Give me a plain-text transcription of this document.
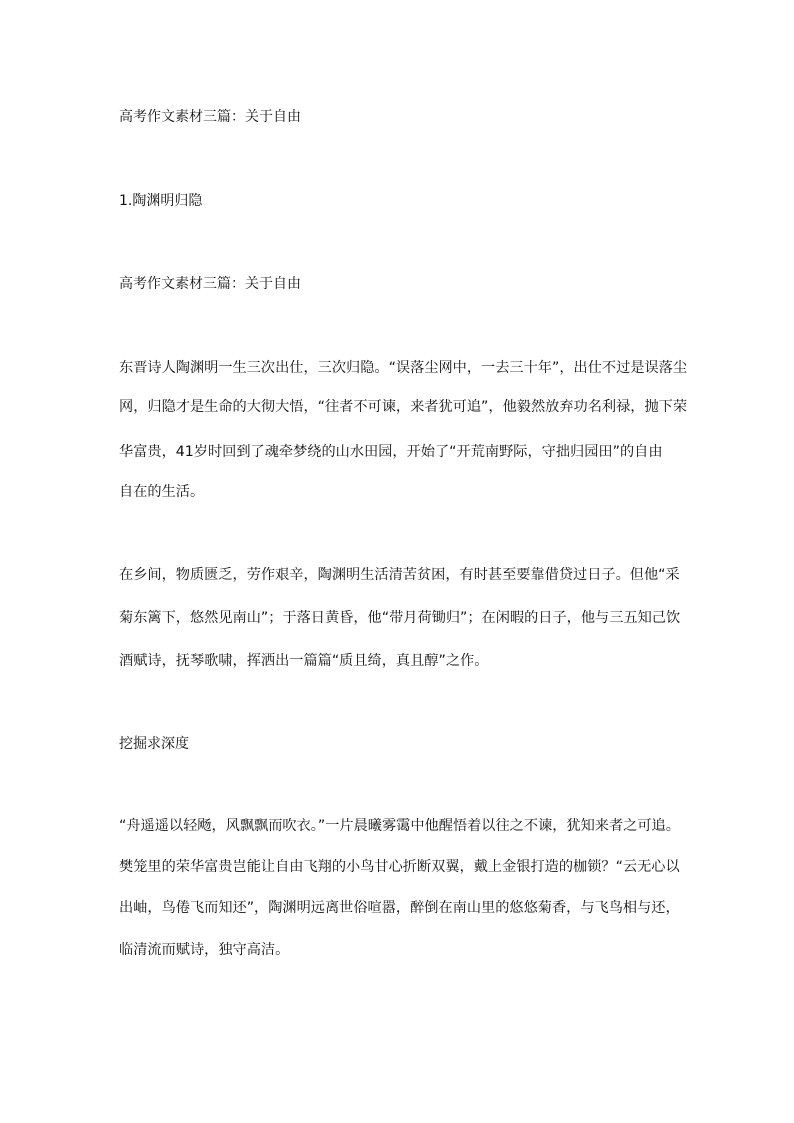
高考作文素材三篇：关于自由
1.陶渊明归隐
高考作文素材三篇：关于自由
东晋诗人陶渊明一生三次出仕，三次归隐。“误落尘网中，一去三十年”，出仕不过是误落尘
网，归隐才是生命的大彻大悟，“往者不可谏，来者犹可追”，他毅然放弃功名利禄，抛下荣
华富贵，41岁时回到了魂牵梦绕的山水田园，开始了“开荒南野际，守拙归园田”的自由
自在的生活。
在乡间，物质匮乏，劳作艰辛，陶渊明生活清苦贫困，有时甚至要靠借贷过日子。但他“采
菊东篱下，悠然见南山”；于落日黄昏，他“带月荷锄归”；在闲暇的日子，他与三五知己饮
酒赋诗，抚琴歌啸，挥洒出一篇篇“质且绮，真且醇”之作。
挖掘求深度
“舟遥遥以轻飏，风飘飘而吹衣。”一片晨曦雾霭中他醒悟着以往之不谏，犹知来者之可追。
樊笼里的荣华富贵岂能让自由飞翔的小鸟甘心折断双翼，戴上金银打造的枷锁？“云无心以
出岫，鸟倦飞而知还”，陶渊明远离世俗喧嚣，醉倒在南山里的悠悠菊香，与飞鸟相与还，
临清流而赋诗，独守高洁。
